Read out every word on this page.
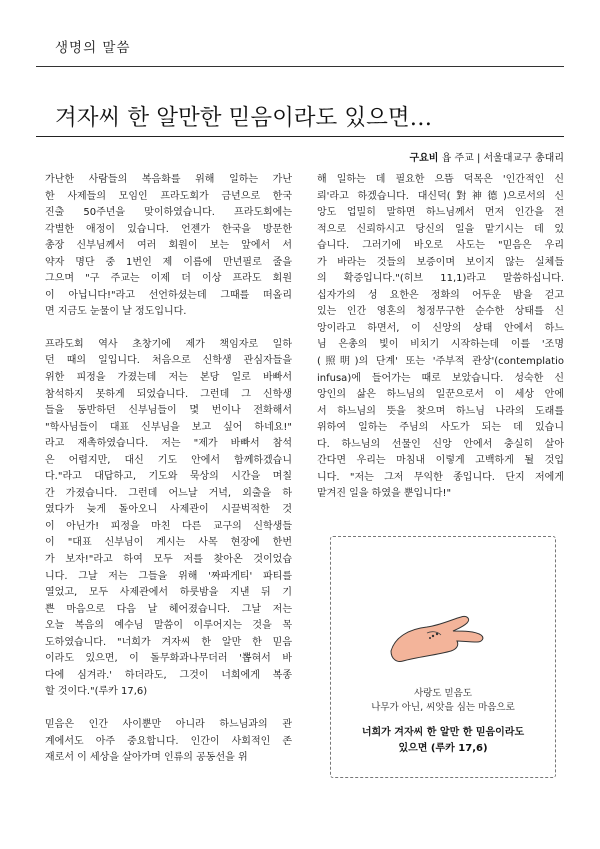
생명의 말씀
겨자씨 한 알만한 믿음이라도 있으면…
구요비 욥 주교 | 서울대교구 총대리

가난한 사람들의 복음화를 위해 일하는 가난
한 사제들의 모임인 프라도회가 금년으로 한국
진출 50주년을 맞이하였습니다. 프라도회에는
각별한 애정이 있습니다. 언젠가 한국을 방문한
총장 신부님께서 여러 회원이 보는 앞에서 서
약자 명단 중 1번인 제 이름에 만년필로 줄을
그으며 "구 주교는 이제 더 이상 프라도 회원
이 아닙니다!"라고 선언하셨는데 그때를 떠올리
면 지금도 눈물이 날 정도입니다.

프라도회 역사 초창기에 제가 책임자로 일하
던 때의 일입니다. 처음으로 신학생 관심자들을
위한 피정을 가졌는데 저는 본당 일로 바빠서
참석하지 못하게 되었습니다. 그런데 그 신학생
들을 동반하던 신부님들이 몇 번이나 전화해서
"학사님들이 대표 신부님을 보고 싶어 하네요!"
라고 재촉하였습니다. 저는 "제가 바빠서 참석
은 어렵지만, 대신 기도 안에서 함께하겠습니
다."라고 대답하고, 기도와 묵상의 시간을 며칠
간 가졌습니다. 그런데 어느날 거녁, 외출을 하
였다가 늦게 돌아오니 사제관이 시끌벅적한 것
이 아닌가! 피정을 마친 다른 교구의 신학생들
이 "대표 신부님이 계시는 사목 현장에 한번
가 보자!"라고 하여 모두 저를 찾아온 것이었습
니다. 그날 저는 그들을 위해 '짜파게티' 파티를
열었고, 모두 사제관에서 하룻밤을 지낸 뒤 기
쁜 마음으로 다음 날 헤어졌습니다. 그날 저는
오늘 복음의 예수님 말씀이 이루어지는 것을 목
도하였습니다. "너희가 겨자씨 한 알만 한 믿음
이라도 있으면, 이 돌무화과나무더러 '뽑혀서 바
다에 심겨라.' 하더라도, 그것이 너희에게 복종
할 것이다."(루카 17,6)

믿음은 인간 사이뿐만 아니라 하느님과의 관
계에서도 아주 중요합니다. 인간이 사회적인 존
재로서 이 세상을 살아가며 인류의 공동선을 위

해 일하는 데 필요한 으뜸 덕목은 '인간적인 신
뢰'라고 하겠습니다. 대신덕(對神德)으로서의 신
앙도 업밀히 말하면 하느님께서 먼저 인간을 전
적으로 신뢰하시고 당신의 일을 맡기시는 데 있
습니다. 그러기에 바오로 사도는 "믿음은 우리
가 바라는 것들의 보증이며 보이지 않는 실체들
의 확증입니다."(히브 11,1)라고 말씀하십니다.
십자가의 성 요한은 정화의 어두운 밤을 걷고
있는 인간 영혼의 청정무구한 순수한 상태를 신
앙이라고 하면서, 이 신앙의 상태 안에서 하느
님 은총의 빛이 비치기 시작하는데 이를 '조명
(照明)의 단계' 또는 '주부적 관상'(contemplatio
infusa)에 들어가는 때로 보았습니다. 성숙한 신
앙인의 삶은 하느님의 일꾼으로서 이 세상 안에
서 하느님의 뜻을 찾으며 하느님 나라의 도래를
위하여 일하는 주님의 사도가 되는 데 있습니
다. 하느님의 선물인 신앙 안에서 충실히 살아
간다면 우리는 마침내 이렇게 고백하게 될 것입
니다. "저는 그저 무익한 종입니다. 단지 저에게
맡겨진 일을 하였을 뿐입니다!"

사랑도 믿음도
나무가 아닌, 씨앗을 심는 마음으로
너희가 겨자씨 한 알만 한 믿음이라도
있으면 (루카 17,6)
